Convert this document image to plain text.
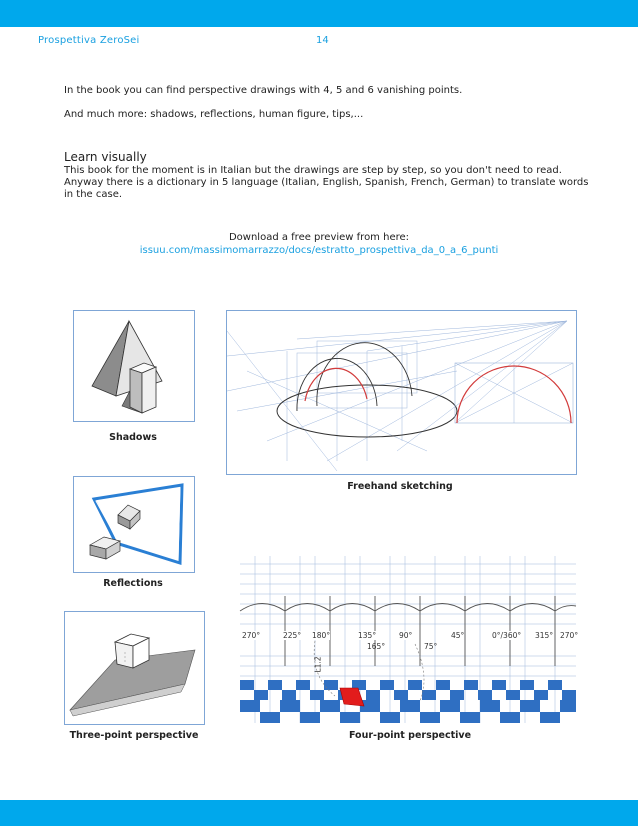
Prospettiva ZeroSei	14
In the book you can find perspective drawings with 4, 5 and 6 vanishing points.
And much more: shadows, reflections, human figure, tips,...
Learn visually
This book for the moment is in Italian but the drawings are step by step, so you don't need to read.
Anyway there is a dictionary in 5 language (Italian, English, Spanish, French, German) to translate words
in the case.
Download a free preview from here:
issuu.com/massimomarrazzo/docs/estratto_prospettiva_da_0_a_6_punti
Shadows
Freehand sketching
Reflections
Three-point perspective
270°	225° 180°	135°	90°	45°	0°/360° 315° 270°
165°	75°
L1.2
Four-point perspective
